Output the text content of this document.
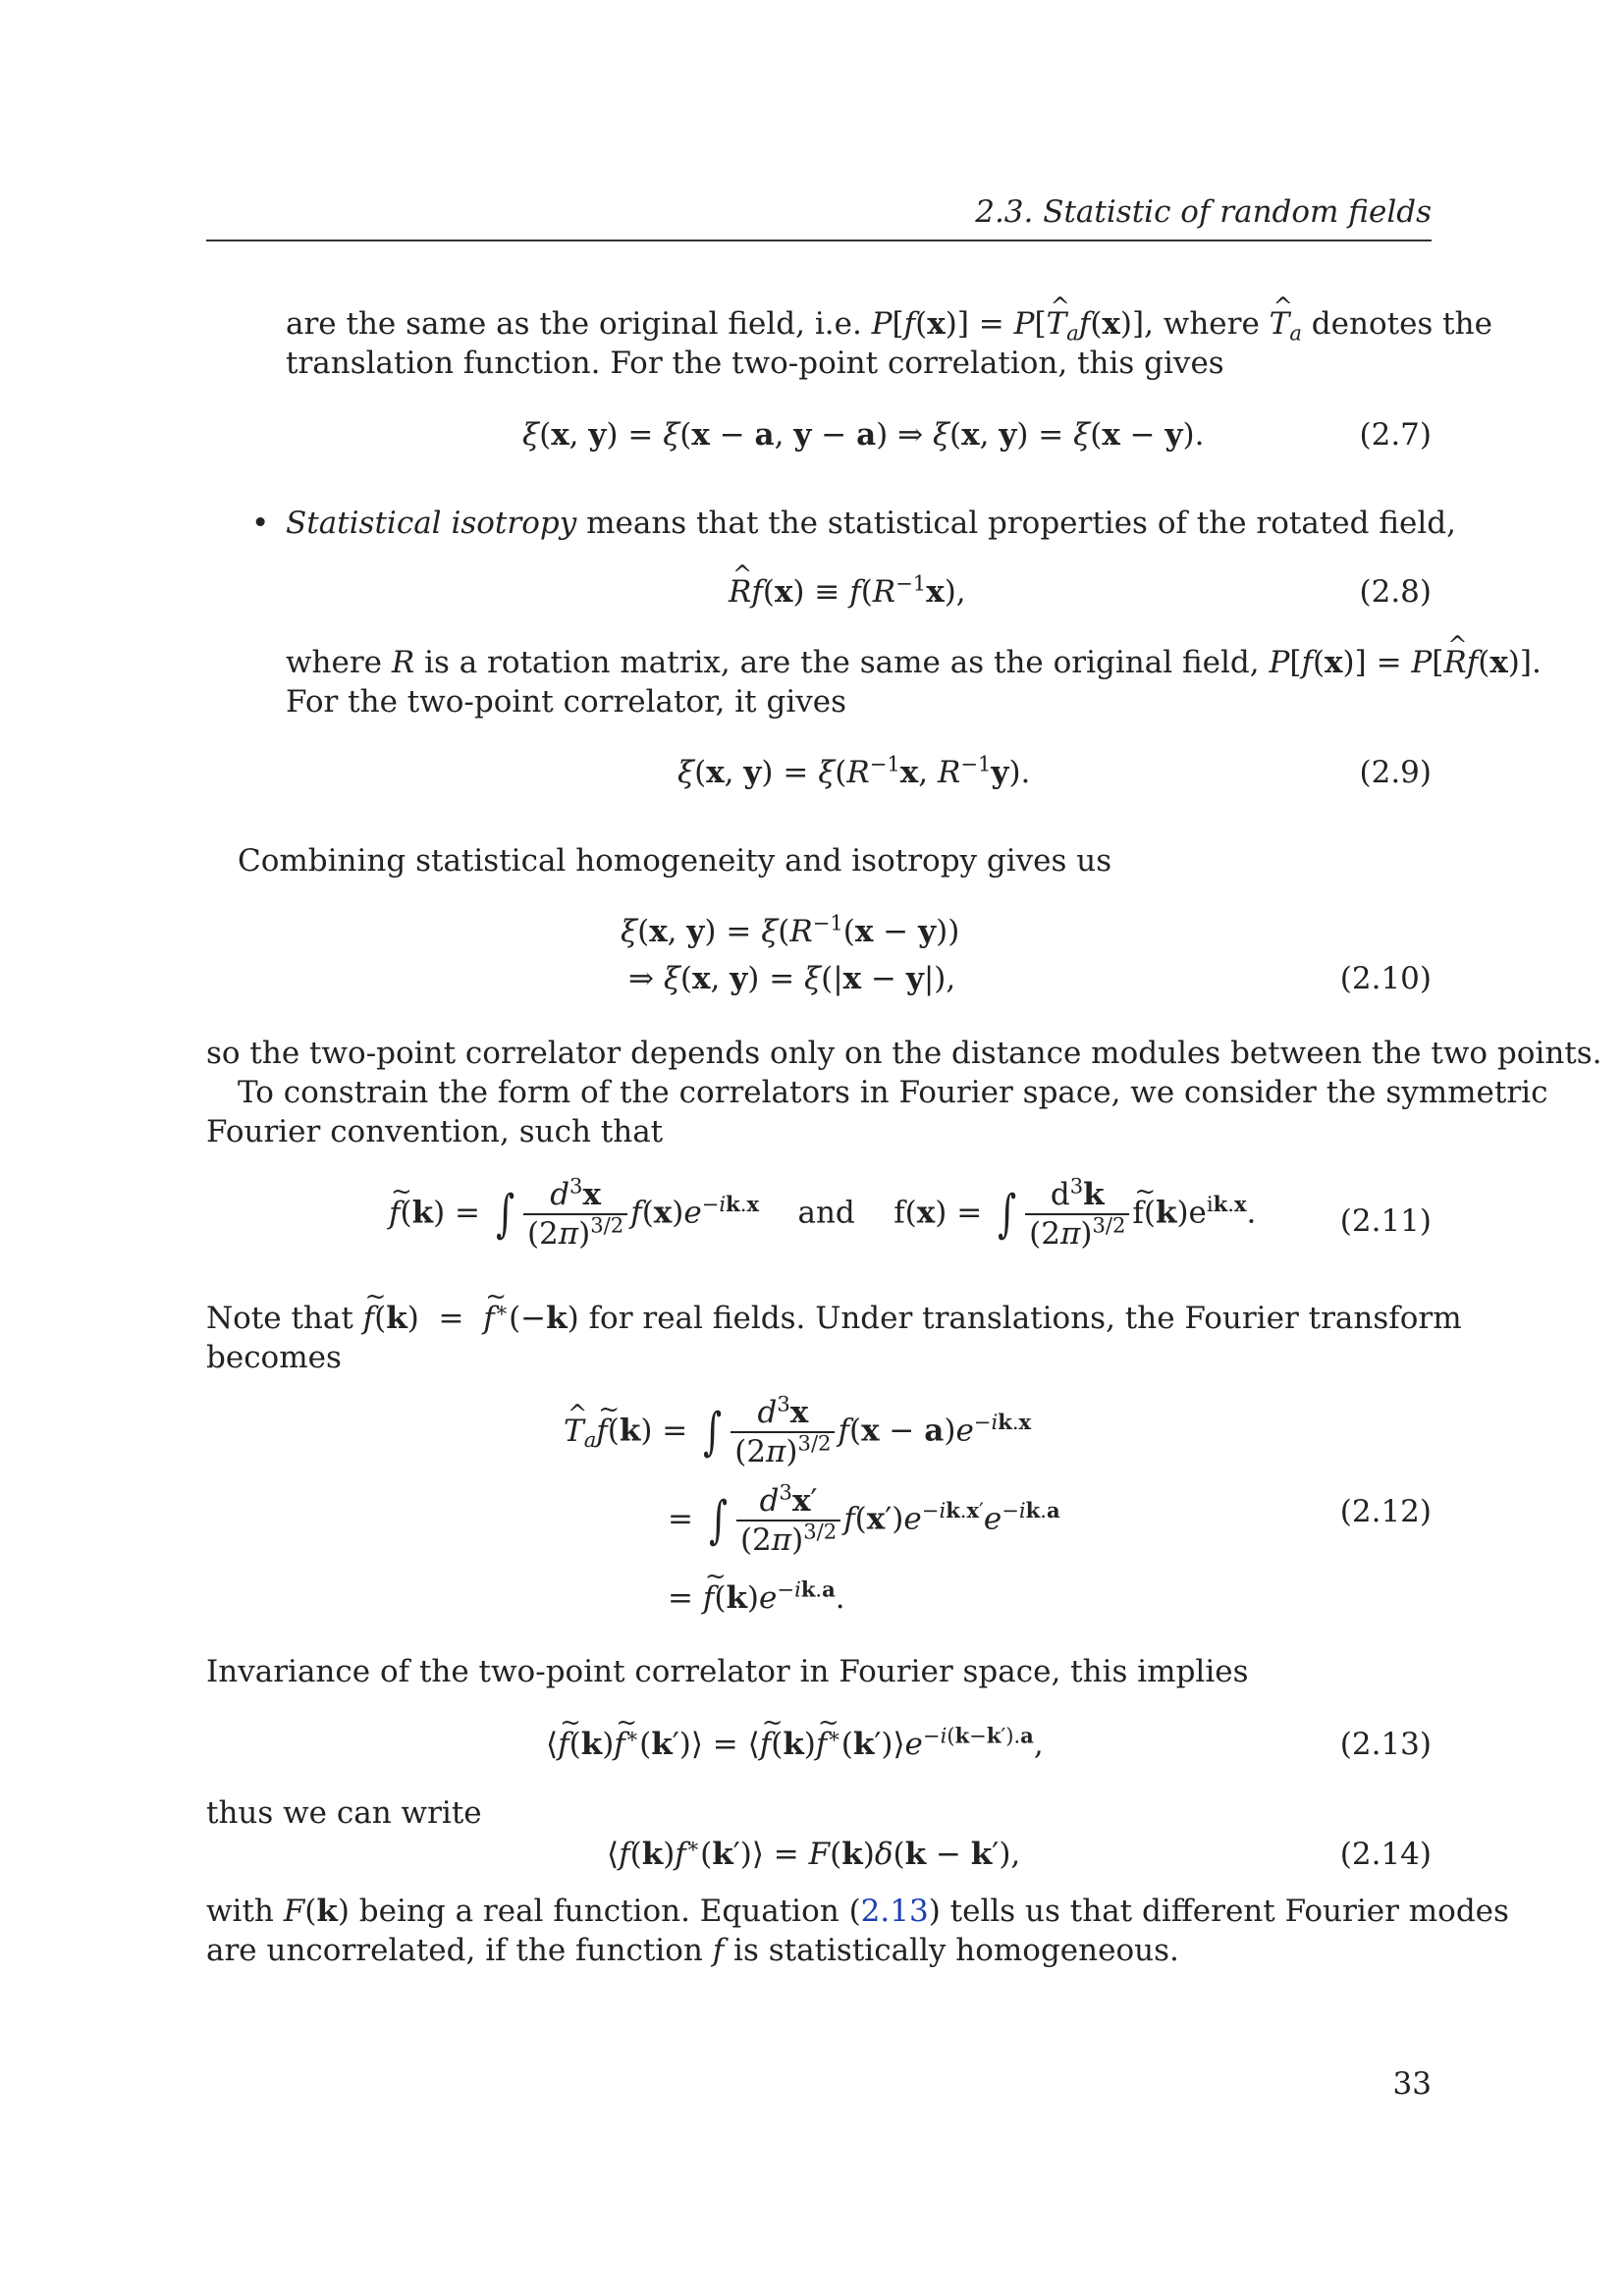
2.3. Statistic of random fields
are the same as the original field, i.e. P[f(x)] = P[^ $T_af(x)$], where ^ $T_a$ denotes the
translation function. For the two-point correlation, this gives
ξ(x, y) = ξ(x − a, y − a) ⇒ ξ(x, y) = ξ(x − y).	(2.7)
• Statistical isotropy means that the statistical properties of the rotated field,
^ $Rf(x) \equiv f(R^{-1}x)$,	(2.8)
where R is a rotation matrix, are the same as the original field, P[f(x)] = P[^ Rf(x)].
For the two-point correlator, it gives
ξ(x, $y) = \xi(R^{-1}x$, $R^{-1}y$).	(2.9)
Combining statistical homogeneity and isotropy gives us
ξ(x, $y) = \xi(R^{-1}(x - y))$
⇒ ξ(x, y) = ξ(|x − y|),	(2.10)
so the two-point correlator depends only on the distance modules between the two points.
To constrain the form of the correlators in Fourier space, we consider the symmetric
Fourier convention, such that
~ f(k) = ∫ $\frac{d^3x}{(2\pi)^{3/2}} f(x)e^{-ik.x}$ and    f(x) = ∫ $\frac{d^3k}{(2\pi)^{3/2}}$ ~ $f(k)e^{ik.x}$.	(2.11)
Note that ~ f(k)  =  ~ f∗(−k) for real fields. Under translations, the Fourier transform
becomes
^ $T_a\sim$ f(k) = ∫ $\frac{d^3x}{(2\pi)^{3/2}} f(x - a)e^{-ik.x}$
= ∫ $\frac{d^3x'}{(2\pi)^{3/2}} f(x')e^{-ik.x'}e^{-ik.a}$	(2.12)
= ~ $f(k)e^{-ik.a}$.
Invariance of the two-point correlator in Fourier space, this implies
⟨~ f(k)~ f∗(k′)⟩ = ⟨~ f(k)~ $f^∗(k')⟩e^{-i(k-k').a}$,	(2.13)
thus we can write
⟨f(k)f∗(k′)⟩ = F(k)δ(k − k′),	(2.14)
with F(k) being a real function. Equation (2.13) tells us that different Fourier modes
are uncorrelated, if the function f is statistically homogeneous.
33
